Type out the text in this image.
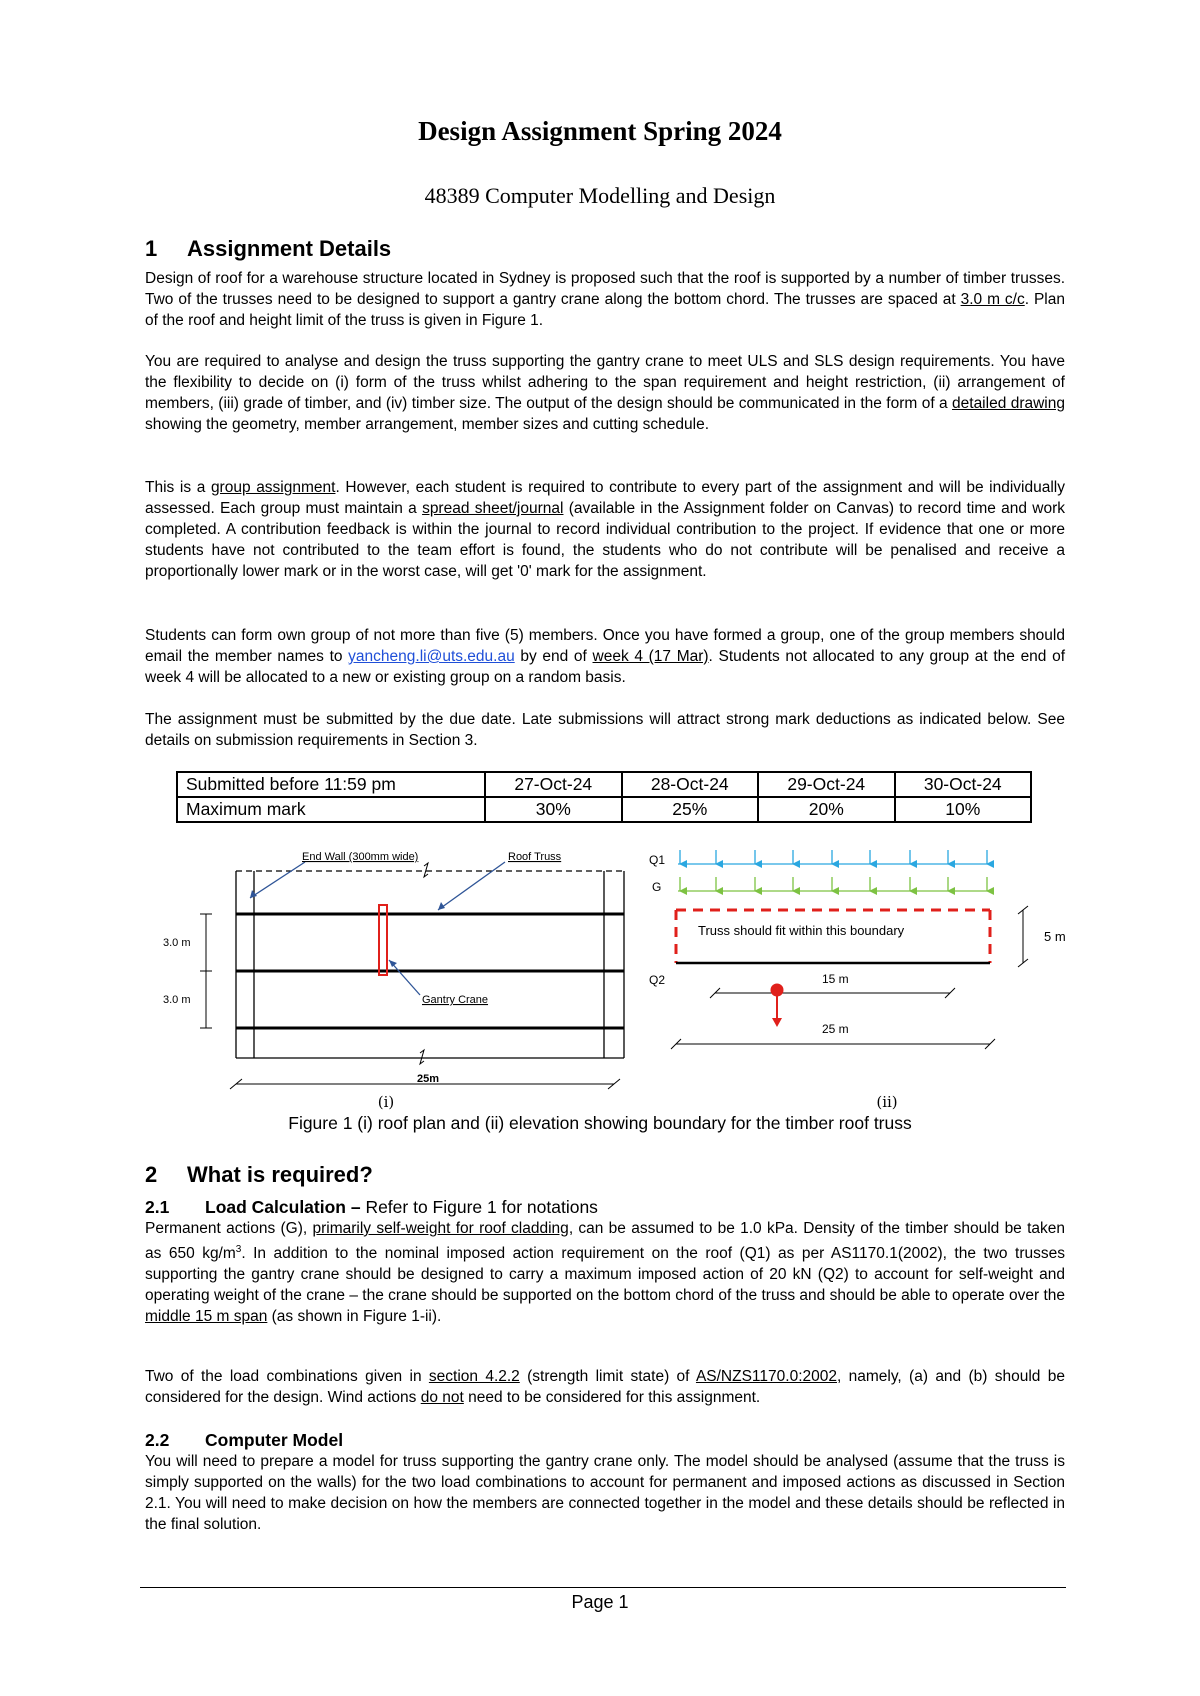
Design Assignment Spring 2024
48389 Computer Modelling and Design
1 Assignment Details

Design of roof for a warehouse structure located in Sydney is proposed such that the roof is supported by a number of timber trusses. Two of the trusses need to be designed to support a gantry crane along the bottom chord. The trusses are spaced at 3.0 m c/c. Plan of the roof and height limit of the truss is given in Figure 1.

You are required to analyse and design the truss supporting the gantry crane to meet ULS and SLS design requirements. You have the flexibility to decide on (i) form of the truss whilst adhering to the span requirement and height restriction, (ii) arrangement of members, (iii) grade of timber, and (iv) timber size. The output of the design should be communicated in the form of a detailed drawing showing the geometry, member arrangement, member sizes and cutting schedule.

This is a group assignment. However, each student is required to contribute to every part of the assignment and will be individually assessed. Each group must maintain a spread sheet/journal (available in the Assignment folder on Canvas) to record time and work completed. A contribution feedback is within the journal to record individual contribution to the project. If evidence that one or more students have not contributed to the team effort is found, the students who do not contribute will be penalised and receive a proportionally lower mark or in the worst case, will get '0' mark for the assignment.

Students can form own group of not more than five (5) members. Once you have formed a group, one of the group members should email the member names to yancheng.li@uts.edu.au by end of week 4 (17 Mar). Students not allocated to any group at the end of week 4 will be allocated to a new or existing group on a random basis.

The assignment must be submitted by the due date. Late submissions will attract strong mark deductions as indicated below. See details on submission requirements in Section 3.

Submitted before 11:59 pm	27-Oct-24	28-Oct-24	29-Oct-24	30-Oct-24
Maximum mark	30%	25%	20%	10%
End Wall (300mm wide)	Roof Truss
Gantry Crane
3.0 m
3.0 m
25m
(i)
Q1
G
Truss should fit within this boundary	5 m
Q2	15 m
25 m
(ii)
Figure 1 (i) roof plan and (ii) elevation showing boundary for the timber roof truss
2 What is required?
2.1 Load Calculation – Refer to Figure 1 for notations

Permanent actions (G), primarily self-weight for roof cladding, can be assumed to be 1.0 kPa. Density of the timber should be taken as 650 $kg/m^3$. In addition to the nominal imposed action requirement on the roof (Q1) as per AS1170.1(2002), the two trusses supporting the gantry crane should be designed to carry a maximum imposed action of 20 kN (Q2) to account for self-weight and operating weight of the crane – the crane should be supported on the bottom chord of the truss and should be able to operate over the middle 15 m span (as shown in Figure 1-ii).

Two of the load combinations given in section 4.2.2 (strength limit state) of AS/NZS1170.0:2002, namely, (a) and (b) should be considered for the design. Wind actions do not need to be considered for this assignment.

2.2 Computer Model

You will need to prepare a model for truss supporting the gantry crane only. The model should be analysed (assume that the truss is simply supported on the walls) for the two load combinations to account for permanent and imposed actions as discussed in Section 2.1. You will need to make decision on how the members are connected together in the model and these details should be reflected in the final solution.

Page 1
